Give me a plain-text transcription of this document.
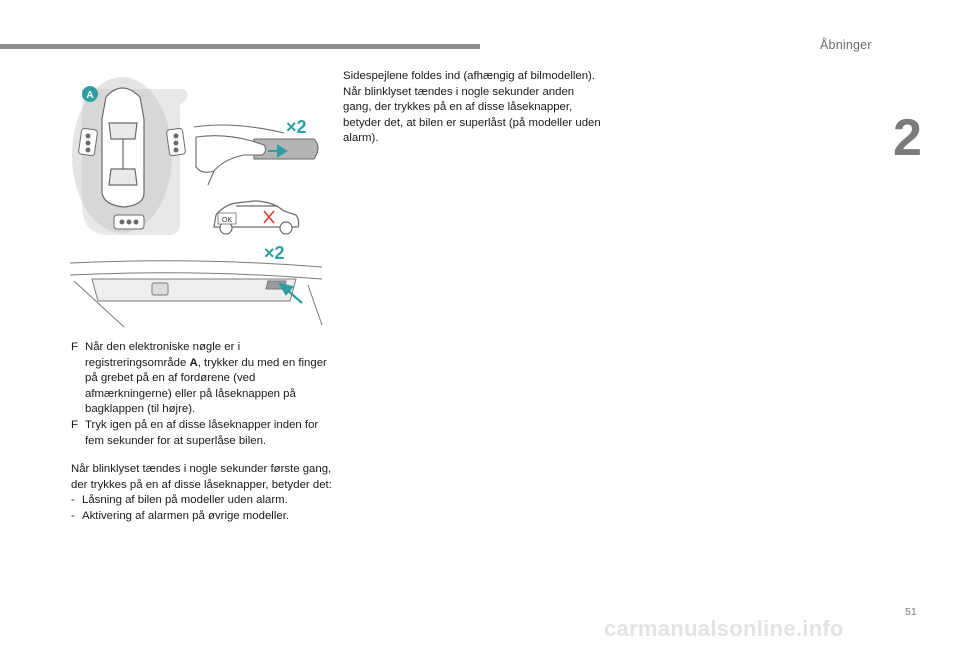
Åbninger
2
A
×2
OK
×2

Sidespejlene foldes ind (afhængig af bilmodellen).

Når blinklyset tændes i nogle sekunder anden gang, der trykkes på en af disse låseknapper, betyder det, at bilen er superlåst (på modeller uden alarm).

F Når den elektroniske nøgle er i registreringsområde A, trykker du med en finger på grebet på en af fordørene (ved afmærkningerne) eller på låseknappen på bagklappen (til højre).
F Tryk igen på en af disse låseknapper inden for fem sekunder for at superlåse bilen.

Når blinklyset tændes i nogle sekunder første gang, der trykkes på en af disse låseknapper, betyder det:

- Låsning af bilen på modeller uden alarm.
- Aktivering af alarmen på øvrige modeller.
51
carmanualsonline.info
